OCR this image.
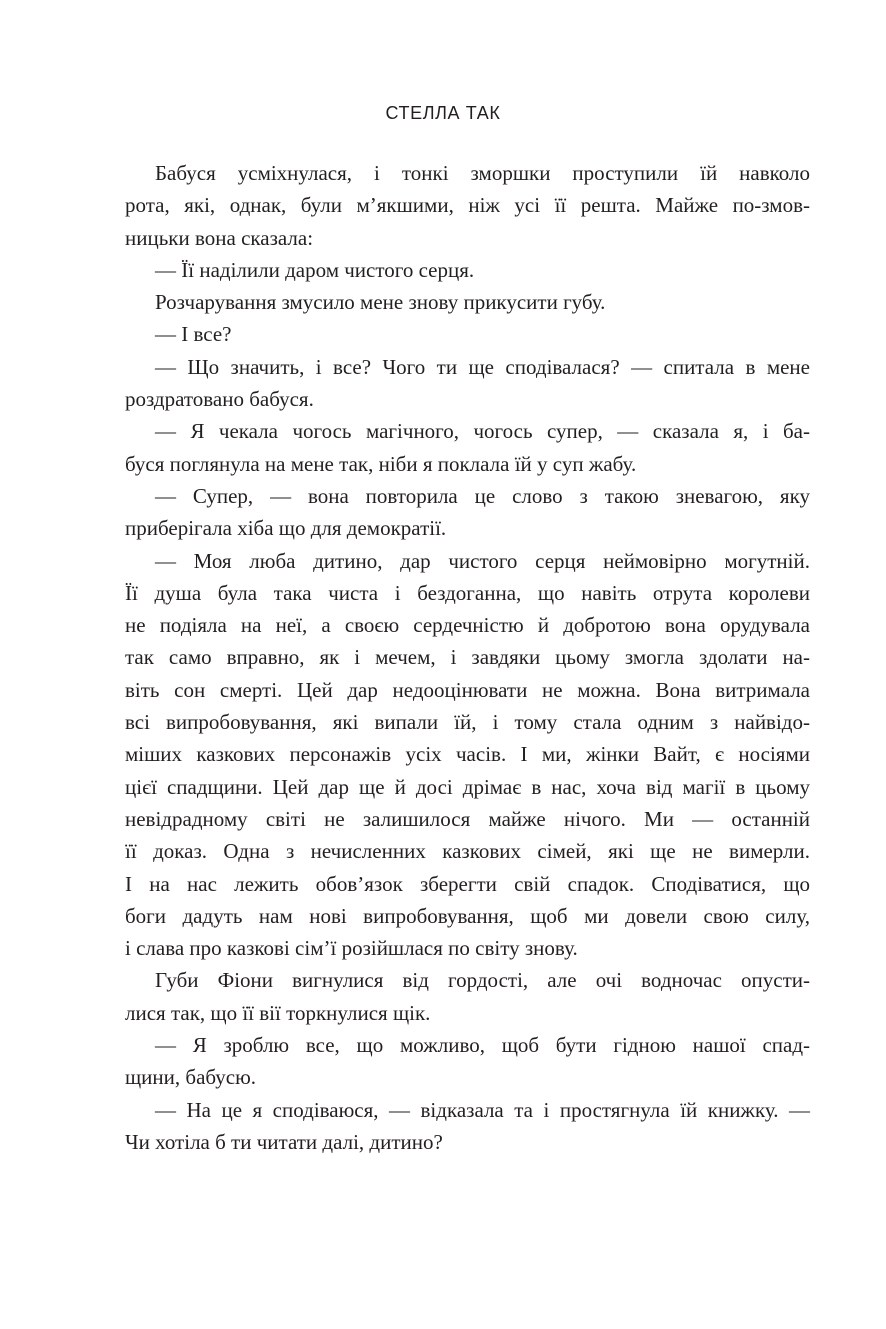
СТЕЛЛА ТАК
Бабуся усміхнулася, і тонкі зморшки проступили їй навколо
рота, які, однак, були м’якшими, ніж усі її решта. Майже по-змов-
ницьки вона сказала:
— Її наділили даром чистого серця.
Розчарування змусило мене знову прикусити губу.
— І все?
— Що значить, і все? Чого ти ще сподівалася? — спитала в мене
роздратовано бабуся.
— Я чекала чогось магічного, чогось супер, — сказала я, і ба-
буся поглянула на мене так, ніби я поклала їй у суп жабу.
— Супер, — вона повторила це слово з такою зневагою, яку
приберігала хіба що для демократії.
— Моя люба дитино, дар чистого серця неймовірно могутній.
Її душа була така чиста і бездоганна, що навіть отрута королеви
не подіяла на неї, а своєю сердечністю й добротою вона орудувала
так само вправно, як і мечем, і завдяки цьому змогла здолати на-
віть сон смерті. Цей дар недооцінювати не можна. Вона витримала
всі випробовування, які випали їй, і тому стала одним з найвідо-
міших казкових персонажів усіх часів. І ми, жінки Вайт, є носіями
цієї спадщини. Цей дар ще й досі дрімає в нас, хоча від магії в цьому
невідрадному світі не залишилося майже нічого. Ми — останній
її доказ. Одна з нечисленних казкових сімей, які ще не вимерли.
І на нас лежить обов’язок зберегти свій спадок. Сподіватися, що
боги дадуть нам нові випробовування, щоб ми довели свою силу,
і слава про казкові сім’ї розійшлася по світу знову.
Губи Фіони вигнулися від гордості, але очі водночас опусти-
лися так, що її вії торкнулися щік.
— Я зроблю все, що можливо, щоб бути гідною нашої спад-
щини, бабусю.
— На це я сподіваюся, — відказала та і простягнула їй книжку. —
Чи хотіла б ти читати далі, дитино?
